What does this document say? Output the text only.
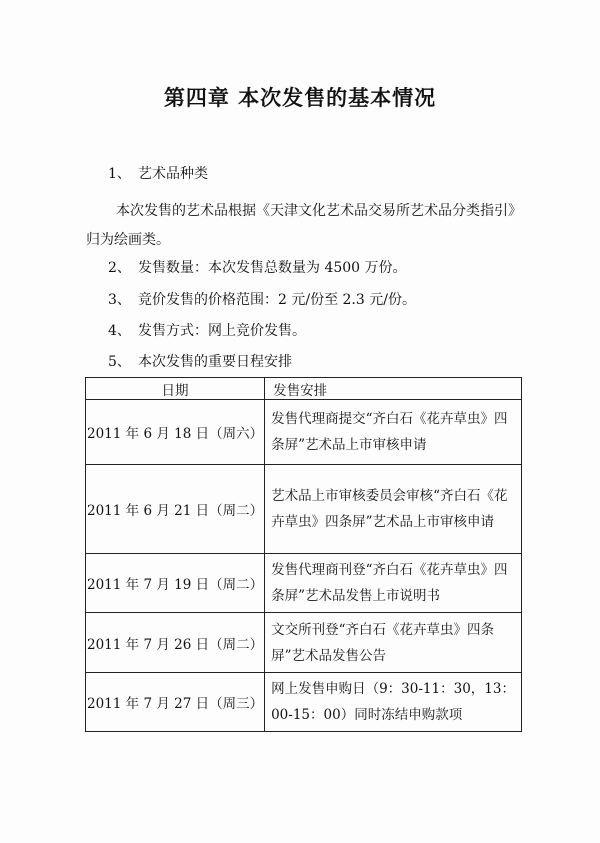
第四章 本次发售的基本情况
1、 艺术品种类
本次发售的艺术品根据《天津文化艺术品交易所艺术品分类指引》归为绘画类。
2、 发售数量：本次发售总数量为 4500 万份。
3、 竞价发售的价格范围：2 元/份至 2.3 元/份。
4、 发售方式：网上竞价发售。
5、 本次发售的重要日程安排
日期	发售安排
2011 年 6 月 18 日（周六）	发售代理商提交“齐白石《花卉草虫》四条屏”艺术品上市审核申请
2011 年 6 月 21 日（周二）	艺术品上市审核委员会审核“齐白石《花卉草虫》四条屏”艺术品上市审核申请
2011 年 7 月 19 日（周二）	发售代理商刊登“齐白石《花卉草虫》四条屏”艺术品发售上市说明书
2011 年 7 月 26 日（周二）	文交所刊登“齐白石《花卉草虫》四条屏”艺术品发售公告
2011 年 7 月 27 日（周三）	网上发售申购日（9：30-11：30，13：00-15：00）同时冻结申购款项
